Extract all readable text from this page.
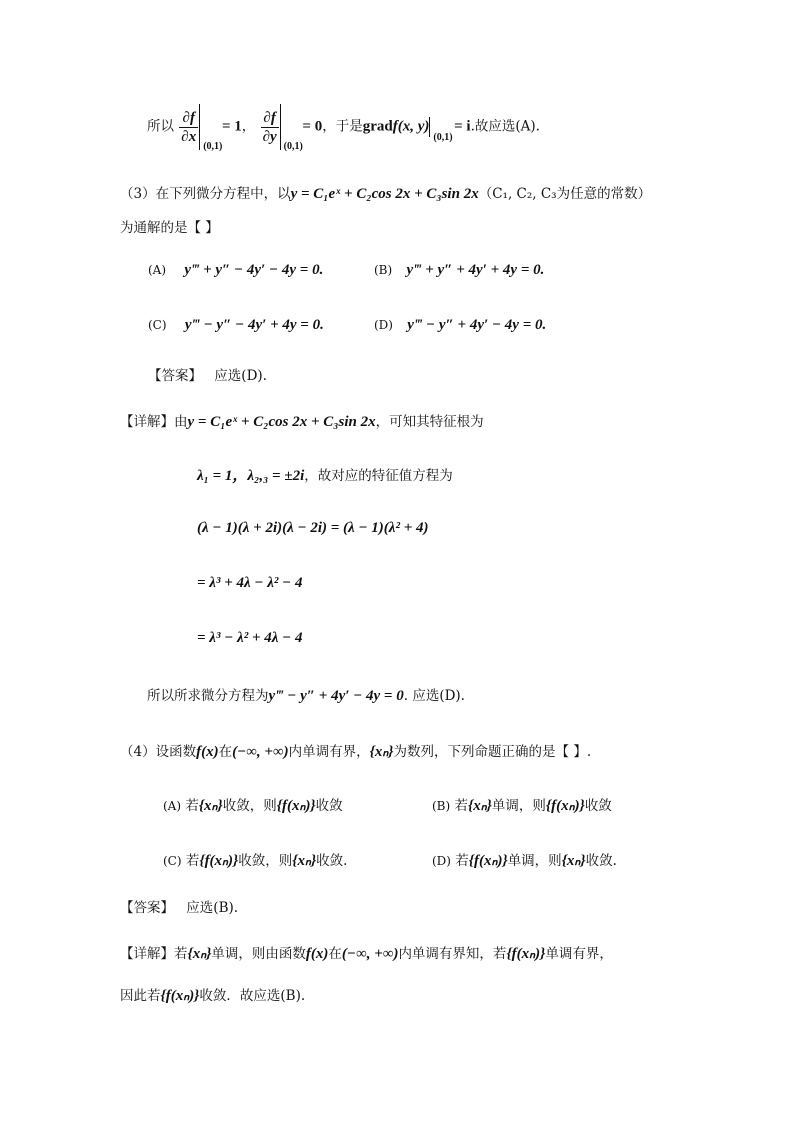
所以 $\frac{\partial f}{\partial x}$
(0,1)
= 1， $\frac{\partial f}{\partial y}$
(0,1)
= 0，于是gradf(x, y)
(0,1)
= i.故应选(A).
（3）在下列微分方程中，以y = C₁eˣ + C₂cos 2x + C₃sin 2x（C₁, C₂, C₃为任意的常数）
为通解的是【 】
(A) y‴ + y″ − 4y′ − 4y = 0.	(B) y‴ + y″ + 4y′ + 4y = 0.
(C) y‴ − y″ − 4y′ + 4y = 0.	(D) y‴ − y″ + 4y′ − 4y = 0.
【答案】 应选(D).
【详解】由y = C₁eˣ + C₂cos 2x + C₃sin 2x，可知其特征根为
λ₁ = 1，λ₂,₃ = ±2i，故对应的特征值方程为
(λ − 1)(λ + 2i)(λ − 2i) = (λ − 1)(λ² + 4)
= λ³ + 4λ − λ² − 4
= λ³ − λ² + 4λ − 4
所以所求微分方程为y‴ − y″ + 4y′ − 4y = 0. 应选(D).
（4）设函数f(x)在(−∞, +∞)内单调有界，{xₙ}为数列，下列命题正确的是【 】.
(A) 若{xₙ}收敛，则{f(xₙ)}收敛	(B) 若{xₙ}单调，则{f(xₙ)}收敛
(C) 若{f(xₙ)}收敛，则{xₙ}收敛.	(D) 若{f(xₙ)}单调，则{xₙ}收敛.
【答案】 应选(B).
【详解】若{xₙ}单调，则由函数f(x)在(−∞, +∞)内单调有界知，若{f(xₙ)}单调有界，
因此若{f(xₙ)}收敛．故应选(B).
